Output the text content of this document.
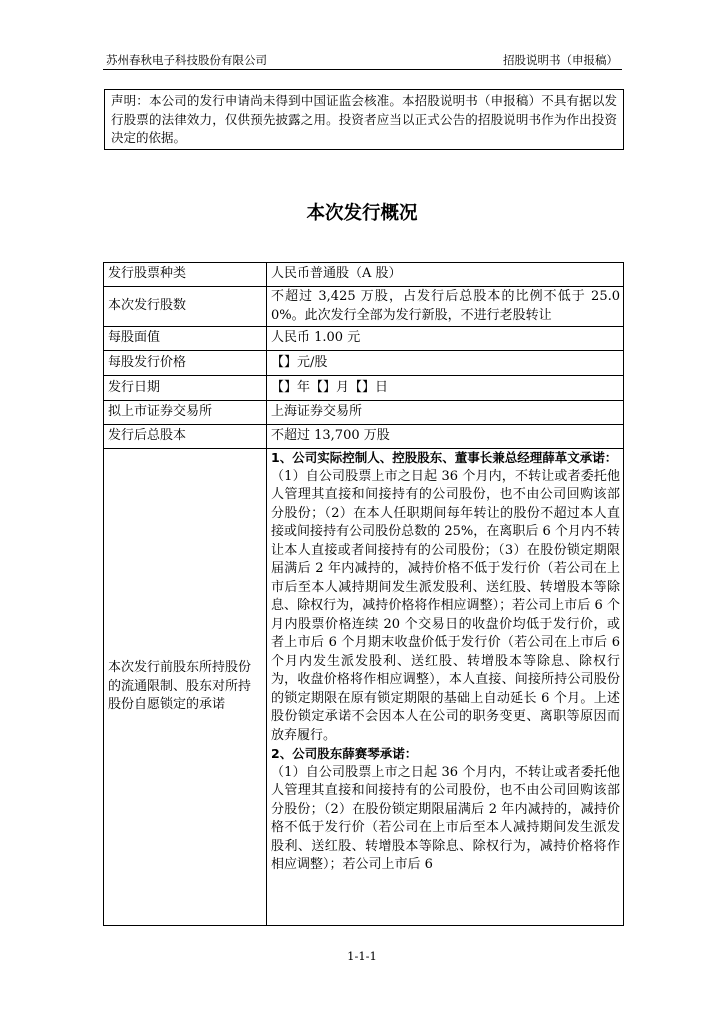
苏州春秋电子科技股份有限公司	招股说明书（申报稿）
声明：本公司的发行申请尚未得到中国证监会核准。本招股说明书（申报稿）不具有据以发行股票的法律效力，仅供预先披露之用。投资者应当以正式公告的招股说明书作为作出投资决定的依据。
本次发行概况
发行股票种类	人民币普通股（A 股）
本次发行股数	不超过 3,425 万股，占发行后总股本的比例不低于 25.00%。此次发行全部为发行新股，不进行老股转让

每股面值	人民币 1.00 元
每股发行价格	【】元/股
发行日期	【】年【】月【】日
拟上市证券交易所	上海证券交易所
发行后总股本	不超过 13,700 万股

本次发行前股东所持股份的流通限制、股东对所持股份自愿锁定的承诺	1、公司实际控制人、控股股东、董事长兼总经理薛革文承诺：
（1）自公司股票上市之日起 36 个月内，不转让或者委托他人管理其直接和间接持有的公司股份，也不由公司回购该部分股份；（2）在本人任职期间每年转让的股份不超过本人直接或间接持有公司股份总数的 25%，在离职后 6 个月内不转让本人直接或者间接持有的公司股份；（3）在股份锁定期限届满后 2 年内减持的，减持价格不低于发行价（若公司在上市后至本人减持期间发生派发股利、送红股、转增股本等除息、除权行为，减持价格将作相应调整）；若公司上市后 6 个月内股票价格连续 20 个交易日的收盘价均低于发行价，或者上市后 6 个月期末收盘价低于发行价（若公司在上市后 6 个月内发生派发股利、送红股、转增股本等除息、除权行为，收盘价格将作相应调整），本人直接、间接所持公司股份的锁定期限在原有锁定期限的基础上自动延长 6 个月。上述股份锁定承诺不会因本人在公司的职务变更、离职等原因而放弃履行。
2、公司股东薛赛琴承诺：
（1）自公司股票上市之日起 36 个月内，不转让或者委托他人管理其直接和间接持有的公司股份，也不由公司回购该部分股份；（2）在股份锁定期限届满后 2 年内减持的，减持价格不低于发行价（若公司在上市后至本人减持期间发生派发股利、送红股、转增股本等除息、除权行为，减持价格将作相应调整）；若公司上市后 6
1-1-1
